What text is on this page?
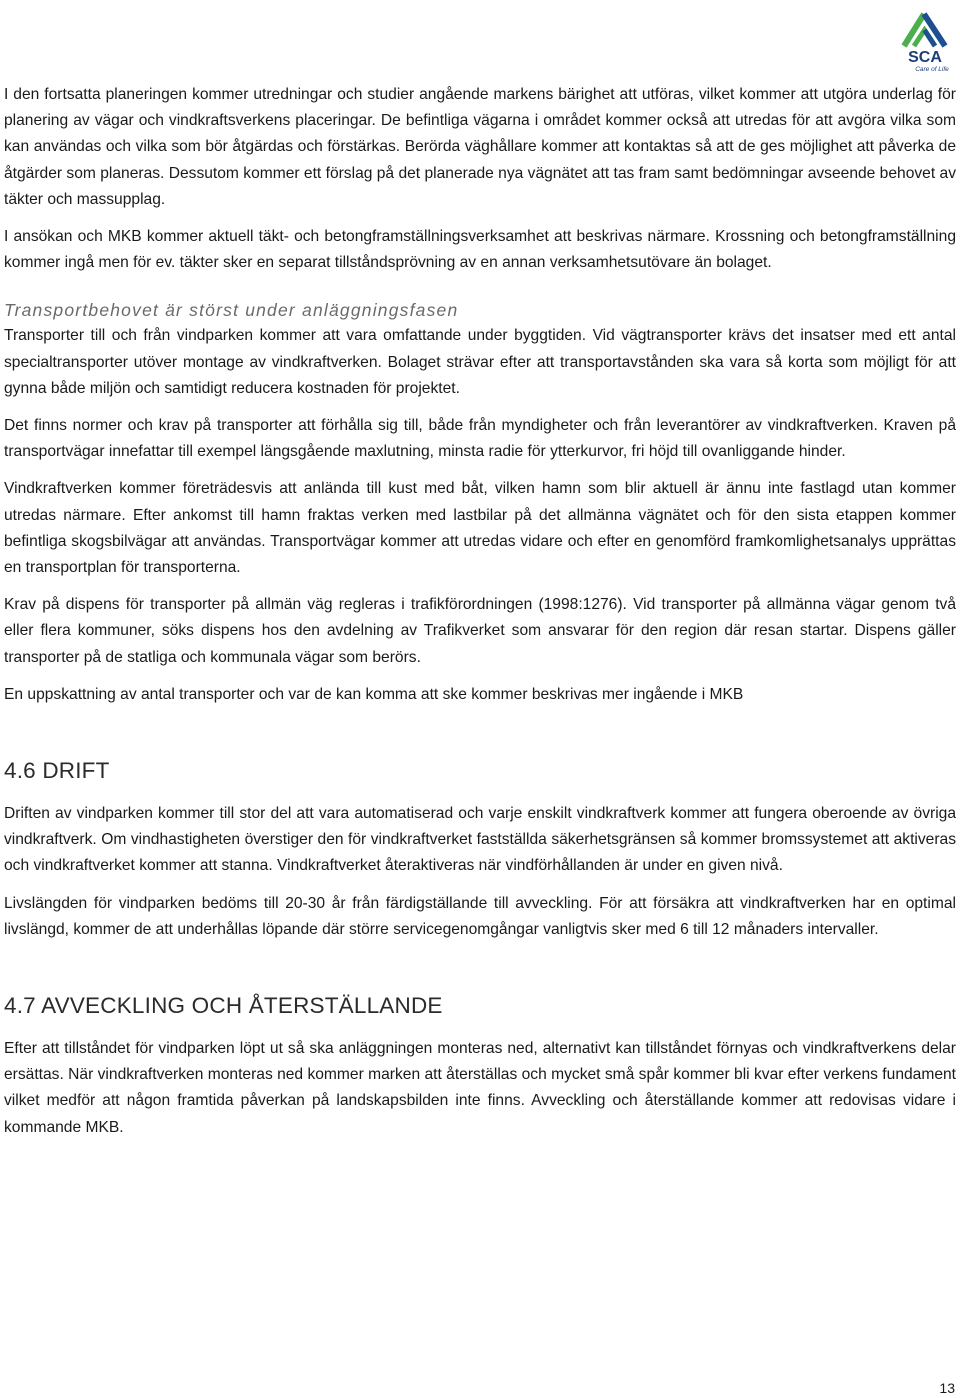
SCA
Care of Life

I den fortsatta planeringen kommer utredningar och studier angående markens bärighet att utföras, vilket kommer att utgöra underlag för planering av vägar och vindkraftsverkens placeringar. De befintliga vägarna i området kommer också att utredas för att avgöra vilka som kan användas och vilka som bör åtgärdas och förstärkas. Berörda väghållare kommer att kontaktas så att de ges möjlighet att påverka de åtgärder som planeras. Dessutom kommer ett förslag på det planerade nya vägnätet att tas fram samt bedömningar avseende behovet av täkter och massupplag.

I ansökan och MKB kommer aktuell täkt- och betongframställningsverksamhet att beskrivas närmare. Krossning och betongframställning kommer ingå men för ev. täkter sker en separat tillståndsprövning av en annan verksamhetsutövare än bolaget.

Transportbehovet är störst under anläggningsfasen

Transporter till och från vindparken kommer att vara omfattande under byggtiden. Vid vägtransporter krävs det insatser med ett antal specialtransporter utöver montage av vindkraftverken. Bolaget strävar efter att transportavstånden ska vara så korta som möjligt för att gynna både miljön och samtidigt reducera kostnaden för projektet.

Det finns normer och krav på transporter att förhålla sig till, både från myndigheter och från leverantörer av vindkraftverken. Kraven på transportvägar innefattar till exempel längsgående maxlutning, minsta radie för ytterkurvor, fri höjd till ovanliggande hinder.

Vindkraftverken kommer företrädesvis att anlända till kust med båt, vilken hamn som blir aktuell är ännu inte fastlagd utan kommer utredas närmare. Efter ankomst till hamn fraktas verken med lastbilar på det allmänna vägnätet och för den sista etappen kommer befintliga skogsbilvägar att användas. Transportvägar kommer att utredas vidare och efter en genomförd framkomlighetsanalys upprättas en transportplan för transporterna.

Krav på dispens för transporter på allmän väg regleras i trafikförordningen (1998:1276). Vid transporter på allmänna vägar genom två eller flera kommuner, söks dispens hos den avdelning av Trafikverket som ansvarar för den region där resan startar. Dispens gäller transporter på de statliga och kommunala vägar som berörs.

En uppskattning av antal transporter och var de kan komma att ske kommer beskrivas mer ingående i MKB

4.6 DRIFT

Driften av vindparken kommer till stor del att vara automatiserad och varje enskilt vindkraftverk kommer att fungera oberoende av övriga vindkraftverk. Om vindhastigheten överstiger den för vindkraftverket fastställda säkerhetsgränsen så kommer bromssystemet att aktiveras och vindkraftverket kommer att stanna. Vindkraftverket återaktiveras när vindförhållanden är under en given nivå.

Livslängden för vindparken bedöms till 20-30 år från färdigställande till avveckling. För att försäkra att vindkraftverken har en optimal livslängd, kommer de att underhållas löpande där större servicegenomgångar vanligtvis sker med 6 till 12 månaders intervaller.

4.7 AVVECKLING OCH ÅTERSTÄLLANDE

Efter att tillståndet för vindparken löpt ut så ska anläggningen monteras ned, alternativt kan tillståndet förnyas och vindkraftverkens delar ersättas. När vindkraftverken monteras ned kommer marken att återställas och mycket små spår kommer bli kvar efter verkens fundament vilket medför att någon framtida påverkan på landskapsbilden inte finns. Avveckling och återställande kommer att redovisas vidare i kommande MKB.

13
